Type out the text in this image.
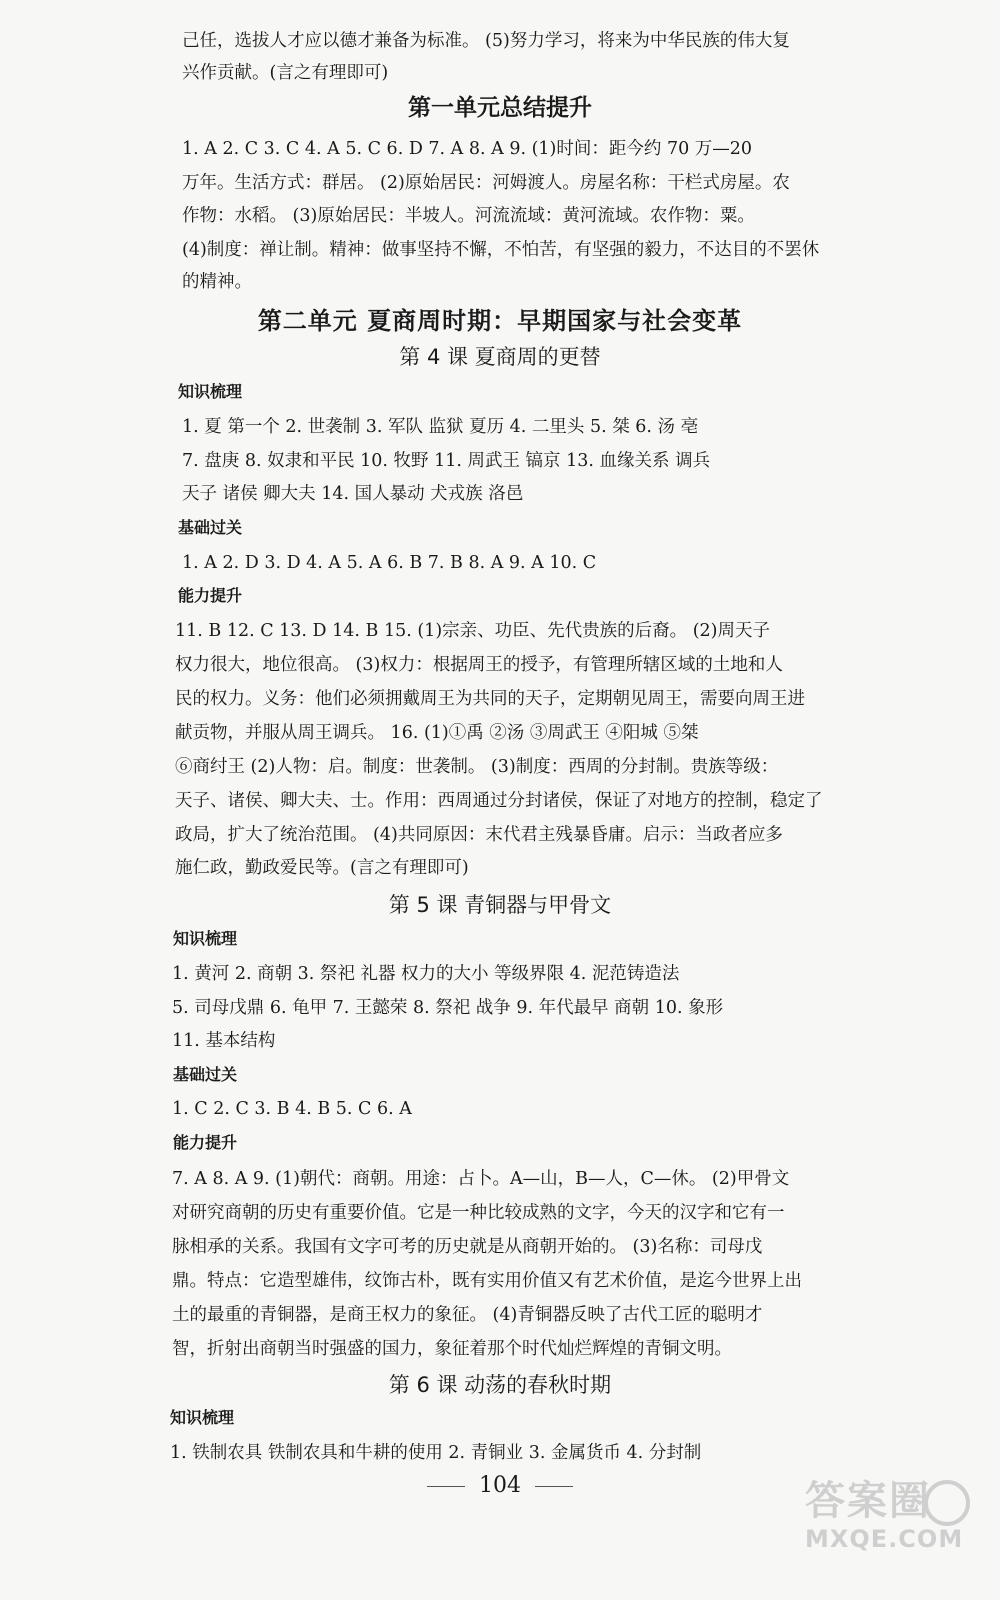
己任，选拔人才应以德才兼备为标准。 (5)努力学习，将来为中华民族的伟大复
兴作贡献。(言之有理即可)
第一单元总结提升
1. A 2. C 3. C 4. A 5. C 6. D 7. A 8. A 9. (1)时间：距今约 70 万—20
万年。生活方式：群居。 (2)原始居民：河姆渡人。房屋名称：干栏式房屋。农
作物：水稻。 (3)原始居民：半坡人。河流流域：黄河流域。农作物：粟。
(4)制度：禅让制。精神：做事坚持不懈，不怕苦，有坚强的毅力，不达目的不罢休
的精神。
第二单元 夏商周时期：早期国家与社会变革
第 4 课 夏商周的更替
知识梳理
1. 夏 第一个 2. 世袭制 3. 军队 监狱 夏历 4. 二里头 5. 桀 6. 汤 亳
7. 盘庚 8. 奴隶和平民 10. 牧野 11. 周武王 镐京 13. 血缘关系 调兵
天子 诸侯 卿大夫 14. 国人暴动 犬戎族 洛邑
基础过关
1. A 2. D 3. D 4. A 5. A 6. B 7. B 8. A 9. A 10. C
能力提升
11. B 12. C 13. D 14. B 15. (1)宗亲、功臣、先代贵族的后裔。 (2)周天子
权力很大，地位很高。 (3)权力：根据周王的授予，有管理所辖区域的土地和人
民的权力。义务：他们必须拥戴周王为共同的天子，定期朝见周王，需要向周王进
献贡物，并服从周王调兵。 16. (1)①禹 ②汤 ③周武王 ④阳城 ⑤桀
⑥商纣王 (2)人物：启。制度：世袭制。 (3)制度：西周的分封制。贵族等级：
天子、诸侯、卿大夫、士。作用：西周通过分封诸侯，保证了对地方的控制，稳定了
政局，扩大了统治范围。 (4)共同原因：末代君主残暴昏庸。启示：当政者应多
施仁政，勤政爱民等。(言之有理即可)
第 5 课 青铜器与甲骨文
知识梳理
1. 黄河 2. 商朝 3. 祭祀 礼器 权力的大小 等级界限 4. 泥范铸造法
5. 司母戊鼎 6. 龟甲 7. 王懿荣 8. 祭祀 战争 9. 年代最早 商朝 10. 象形
11. 基本结构
基础过关
1. C 2. C 3. B 4. B 5. C 6. A
能力提升
7. A 8. A 9. (1)朝代：商朝。用途：占卜。A—山，B—人，C—休。 (2)甲骨文
对研究商朝的历史有重要价值。它是一种比较成熟的文字，今天的汉字和它有一
脉相承的关系。我国有文字可考的历史就是从商朝开始的。 (3)名称：司母戊
鼎。特点：它造型雄伟，纹饰古朴，既有实用价值又有艺术价值，是迄今世界上出
土的最重的青铜器，是商王权力的象征。 (4)青铜器反映了古代工匠的聪明才
智，折射出商朝当时强盛的国力，象征着那个时代灿烂辉煌的青铜文明。
第 6 课 动荡的春秋时期
知识梳理
1. 铁制农具 铁制农具和牛耕的使用 2. 青铜业 3. 金属货币 4. 分封制
104	答案圈
MXQE.COM
